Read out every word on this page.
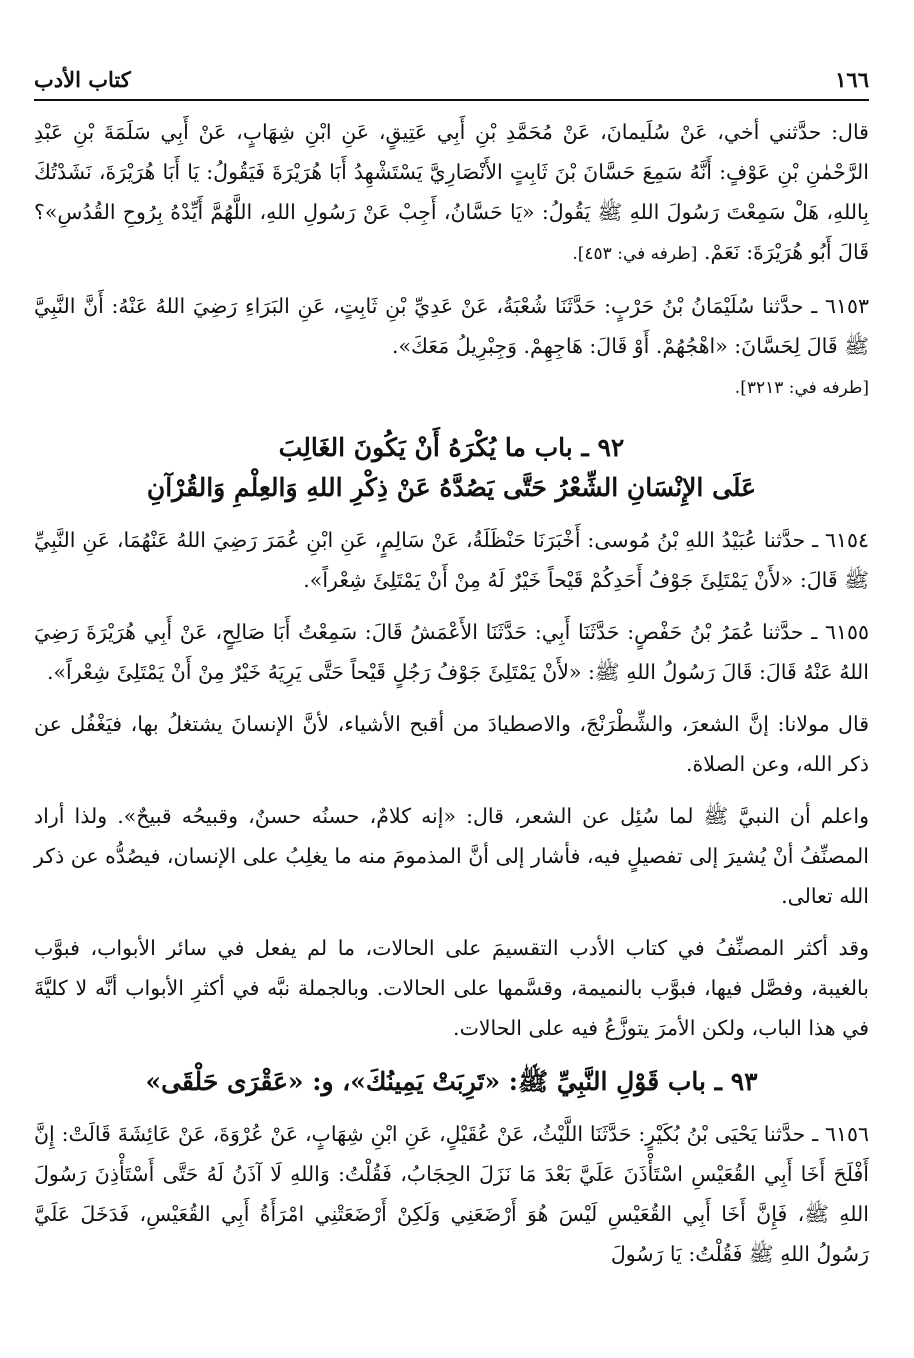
١٦٦
كتاب الأدب

قال: حدَّثني أخي، عَنْ سُلَيمانَ، عَنْ مُحَمَّدِ بْنِ أَبِي عَتِيقٍ، عَنِ ابْنِ شِهَابٍ، عَنْ أَبِي سَلَمَةَ بْنِ عَبْدِ الرَّحْمٰنِ بْنِ عَوْفٍ: أَنَّهُ سَمِعَ حَسَّانَ بْنَ ثَابِتٍ الأَنْصَارِيَّ يَسْتَشْهِدُ أَبَا هُرَيْرَةَ فَيَقُولُ: يَا أَبَا هُرَيْرَةَ، نَشَدْتُكَ بِاللهِ، هَلْ سَمِعْتَ رَسُولَ اللهِ ﷺ يَقُولُ: «يَا حَسَّانُ، أَجِبْ عَنْ رَسُولِ اللهِ، اللَّهُمَّ أَيِّدْهُ بِرُوحِ القُدُسِ»؟ قَالَ أَبُو هُرَيْرَةَ: نَعَمْ. [طرفه في: ٤٥٣].

٦١٥٣ ـ حدَّثنا سُلَيْمَانُ بْنُ حَرْبٍ: حَدَّثَنَا شُعْبَةُ، عَنْ عَدِيِّ بْنِ ثَابِتٍ، عَنِ البَرَاءِ رَضِيَ اللهُ عَنْهُ: أَنَّ النَّبِيَّ ﷺ قَالَ لِحَسَّانَ: «اهْجُهُمْ. أَوْ قَالَ: هَاجِهِمْ. وَجِبْرِيلُ مَعَكَ».
[طرفه في: ٣٢١٣].

٩٢ ـ باب ما يُكْرَهُ أَنْ يَكُونَ الغَالِبَ
عَلَى الإِنْسَانِ الشِّعْرُ حَتَّى يَصُدَّهُ عَنْ ذِكْرِ اللهِ وَالعِلْمِ وَالقُرْآنِ

٦١٥٤ ـ حدَّثنا عُبَيْدُ اللهِ بْنُ مُوسى: أَخْبَرَنَا حَنْظَلَةُ، عَنْ سَالِمٍ، عَنِ ابْنِ عُمَرَ رَضِيَ اللهُ عَنْهُمَا، عَنِ النَّبِيِّ ﷺ قَالَ: «لأَنْ يَمْتَلِئَ جَوْفُ أَحَدِكُمْ قَيْحاً خَيْرٌ لَهُ مِنْ أَنْ يَمْتَلِئَ شِعْراً».

٦١٥٥ ـ حدَّثنا عُمَرُ بْنُ حَفْصٍ: حَدَّثَنَا أَبِي: حَدَّثَنَا الأَعْمَشُ قَالَ: سَمِعْتُ أَبَا صَالِحٍ، عَنْ أَبِي هُرَيْرَةَ رَضِيَ اللهُ عَنْهُ قَالَ: قَالَ رَسُولُ اللهِ ﷺ: «لأَنْ يَمْتَلِئَ جَوْفُ رَجُلٍ قَيْحاً حَتَّى يَرِيَهُ خَيْرٌ مِنْ أَنْ يَمْتَلِئَ شِعْراً».

قال مولانا: إنَّ الشعرَ، والشِّطْرَنْجَ، والاصطيادَ من أقبح الأشياء، لأنَّ الإنسانَ يشتغلُ بها، فيَغْفُل عن ذكر الله، وعن الصلاة.

واعلم أن النبيَّ ﷺ لما سُئِل عن الشعر، قال: «إنه كلامٌ، حسنُه حسنٌ، وقبيحُه قبيحٌ». ولذا أراد المصنِّفُ أنْ يُشيرَ إلى تفصيلٍ فيه، فأشار إلى أنَّ المذمومَ منه ما يغلِبُ على الإنسان، فيصُدُّه عن ذكر الله تعالى.

وقد أكثر المصنِّفُ في كتاب الأدب التقسيمَ على الحالات، ما لم يفعل في سائر الأبواب، فبوَّب بالغيبة، وفصَّل فيها، فبوَّب بالنميمة، وقسَّمها على الحالات. وبالجملة نبَّه في أكثرِ الأبواب أنَّه لا كليَّةَ في هذا الباب، ولكن الأمرَ يتوزَّعُ فيه على الحالات.

٩٣ ـ باب قَوْلِ النَّبِيِّ ﷺ: «تَرِبَتْ يَمِينُكَ»، و: «عَقْرَى حَلْقَى»

٦١٥٦ ـ حدَّثنا يَحْيَى بْنُ بُكَيْرٍ: حَدَّثَنَا اللَّيْثُ، عَنْ عُقَيْلٍ، عَنِ ابْنِ شِهَابٍ، عَنْ عُرْوَةَ، عَنْ عَائِشَةَ قَالَتْ: إِنَّ أَفْلَحَ أَخَا أَبِي القُعَيْسِ اسْتَأْذَنَ عَلَيَّ بَعْدَ مَا نَزَلَ الحِجَابُ، فَقُلْتُ: وَاللهِ لَا آذَنُ لَهُ حَتَّى أَسْتَأْذِنَ رَسُولَ اللهِ ﷺ، فَإِنَّ أَخَا أَبِي القُعَيْسِ لَيْسَ هُوَ أَرْضَعَنِي وَلَكِنْ أَرْضَعَتْنِي امْرَأَةُ أَبِي القُعَيْسِ، فَدَخَلَ عَلَيَّ رَسُولُ اللهِ ﷺ فَقُلْتُ: يَا رَسُولَ
